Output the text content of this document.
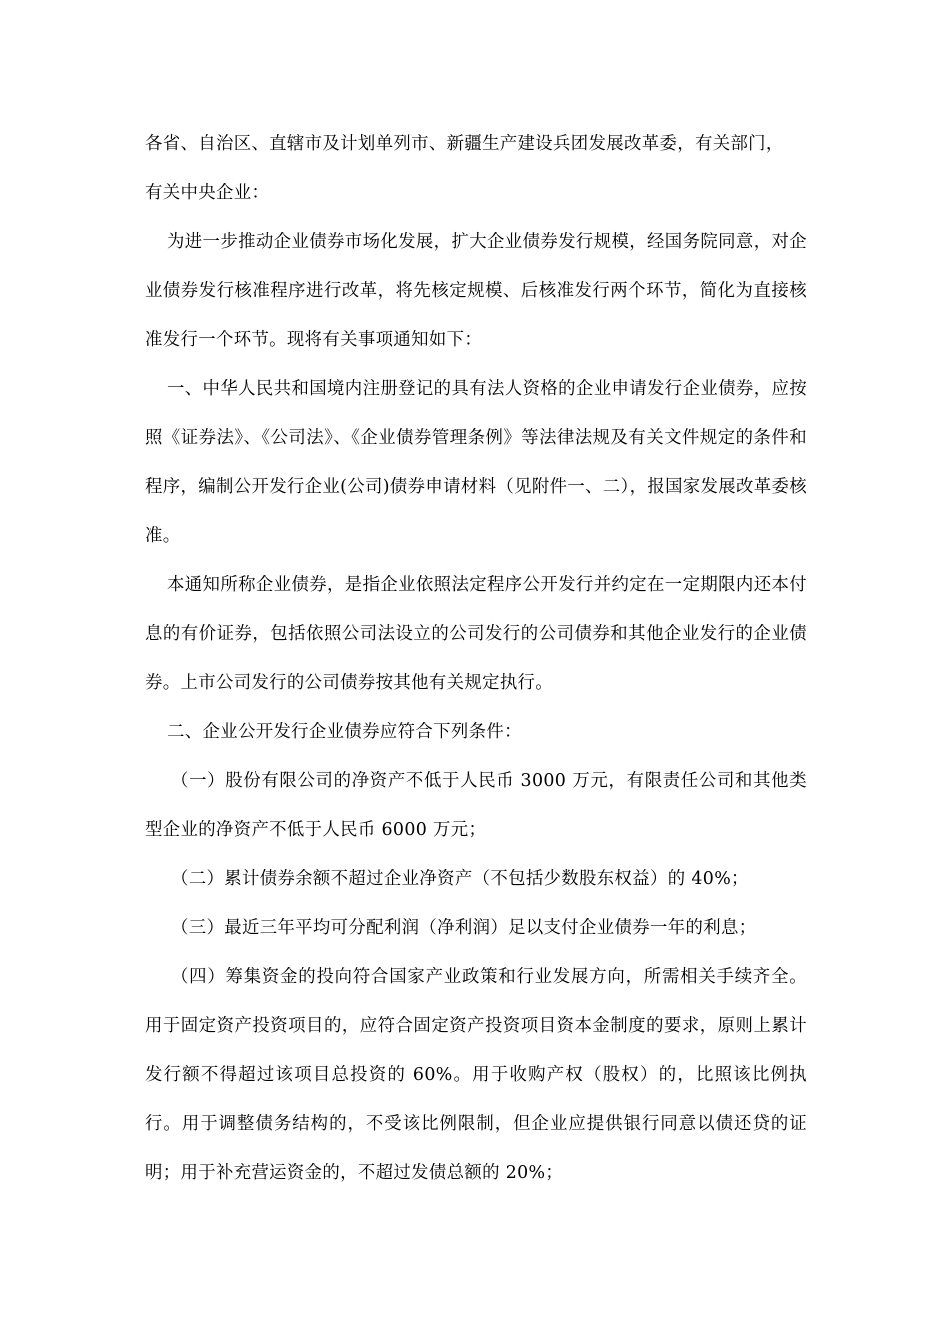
各省、自治区、直辖市及计划单列市、新疆生产建设兵团发展改革委，有关部门，

有关中央企业：

为进一步推动企业债券市场化发展，扩大企业债券发行规模，经国务院同意，对企业债券发行核准程序进行改革，将先核定规模、后核准发行两个环节，简化为直接核准发行一个环节。现将有关事项通知如下：

一、中华人民共和国境内注册登记的具有法人资格的企业申请发行企业债券，应按照《证券法》、《公司法》、《企业债券管理条例》等法律法规及有关文件规定的条件和程序，编制公开发行企业(公司)债券申请材料（见附件一、二），报国家发展改革委核准。

本通知所称企业债券，是指企业依照法定程序公开发行并约定在一定期限内还本付息的有价证券，包括依照公司法设立的公司发行的公司债券和其他企业发行的企业债券。上市公司发行的公司债券按其他有关规定执行。

二、企业公开发行企业债券应符合下列条件：

（一）股份有限公司的净资产不低于人民币 3000 万元，有限责任公司和其他类型企业的净资产不低于人民币 6000 万元；

（二）累计债券余额不超过企业净资产（不包括少数股东权益）的 40%；

（三）最近三年平均可分配利润（净利润）足以支付企业债券一年的利息；

（四）筹集资金的投向符合国家产业政策和行业发展方向，所需相关手续齐全。用于固定资产投资项目的，应符合固定资产投资项目资本金制度的要求，原则上累计发行额不得超过该项目总投资的 60%。用于收购产权（股权）的，比照该比例执行。用于调整债务结构的，不受该比例限制，但企业应提供银行同意以债还贷的证明；用于补充营运资金的，不超过发债总额的 20%；
